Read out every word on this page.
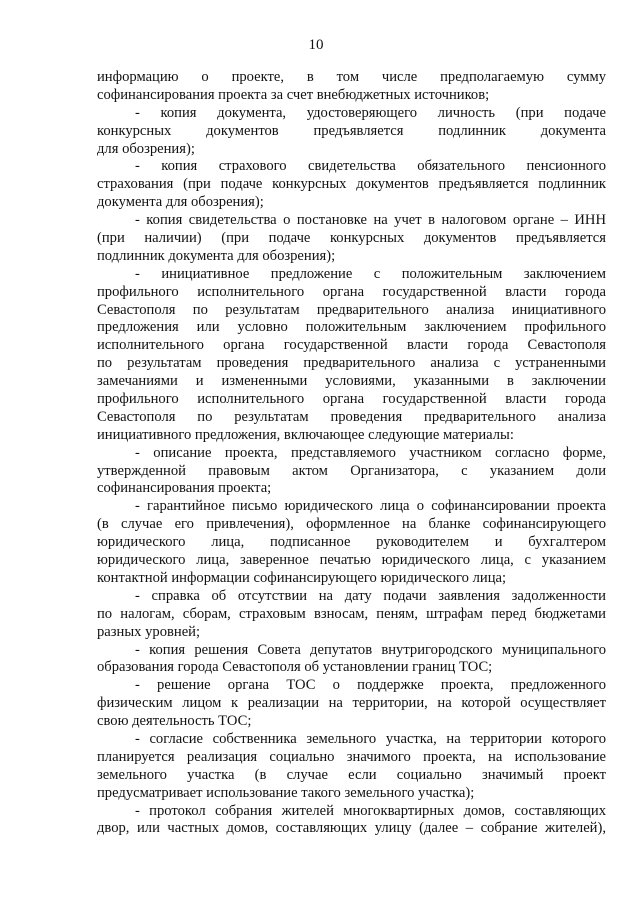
10
информацию о проекте, в том числе предполагаемую сумму
софинансирования проекта за счет внебюджетных источников;
- копия документа, удостоверяющего личность (при подаче
конкурсных документов предъявляется подлинник документа
для обозрения);
- копия страхового свидетельства обязательного пенсионного
страхования (при подаче конкурсных документов предъявляется подлинник
документа для обозрения);
- копия свидетельства о постановке на учет в налоговом органе – ИНН
(при наличии) (при подаче конкурсных документов предъявляется
подлинник документа для обозрения);
- инициативное предложение с положительным заключением
профильного исполнительного органа государственной власти города
Севастополя по результатам предварительного анализа инициативного
предложения или условно положительным заключением профильного
исполнительного органа государственной власти города Севастополя
по результатам проведения предварительного анализа с устраненными
замечаниями и измененными условиями, указанными в заключении
профильного исполнительного органа государственной власти города
Севастополя по результатам проведения предварительного анализа
инициативного предложения, включающее следующие материалы:
- описание проекта, представляемого участником согласно форме,
утвержденной правовым актом Организатора, с указанием доли
софинансирования проекта;
- гарантийное письмо юридического лица о софинансировании проекта
(в случае его привлечения), оформленное на бланке софинансирующего
юридического лица, подписанное руководителем и бухгалтером
юридического лица, заверенное печатью юридического лица, с указанием
контактной информации софинансирующего юридического лица;
- справка об отсутствии на дату подачи заявления задолженности
по налогам, сборам, страховым взносам, пеням, штрафам перед бюджетами
разных уровней;
- копия решения Совета депутатов внутригородского муниципального
образования города Севастополя об установлении границ ТОС;
- решение органа ТОС о поддержке проекта, предложенного
физическим лицом к реализации на территории, на которой осуществляет
свою деятельность ТОС;
- согласие собственника земельного участка, на территории которого
планируется реализация социально значимого проекта, на использование
земельного участка (в случае если социально значимый проект
предусматривает использование такого земельного участка);
- протокол собрания жителей многоквартирных домов, составляющих
двор, или частных домов, составляющих улицу (далее – собрание жителей),
